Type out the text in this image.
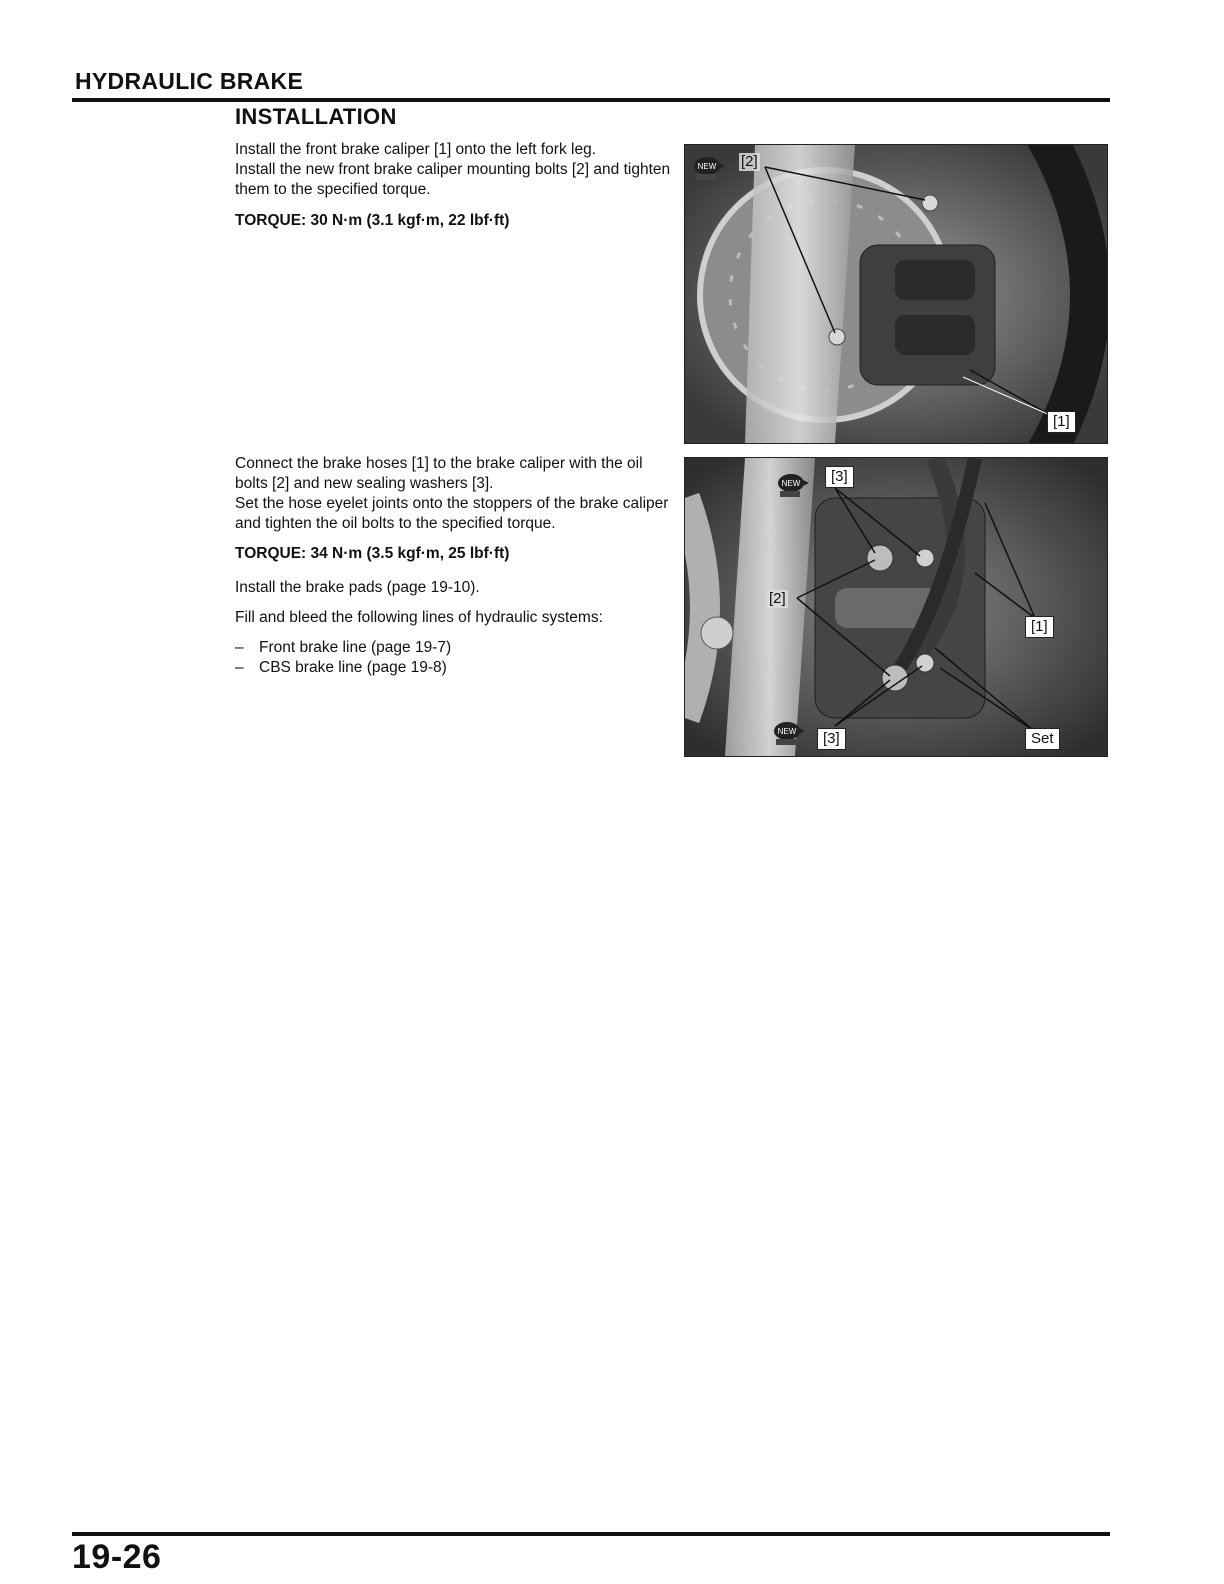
HYDRAULIC BRAKE
INSTALLATION

Install the front brake caliper [1] onto the left fork leg.

Install the new front brake caliper mounting bolts [2] and tighten them to the specified torque.

TORQUE: 30 N·m (3.1 kgf·m, 22 lbf·ft)

NEW [2]
[1]

Connect the brake hoses [1] to the brake caliper with the oil bolts [2] and new sealing washers [3].

Set the hose eyelet joints onto the stoppers of the brake caliper and tighten the oil bolts to the specified torque.

TORQUE: 34 N·m (3.5 kgf·m, 25 lbf·ft)

Install the brake pads (page 19-10).

Fill and bleed the following lines of hydraulic systems:

– Front brake line (page 19-7)
– CBS brake line (page 19-8)
NEW
NEW
[3]
[2]
[1]
[3]	Set

19-26
